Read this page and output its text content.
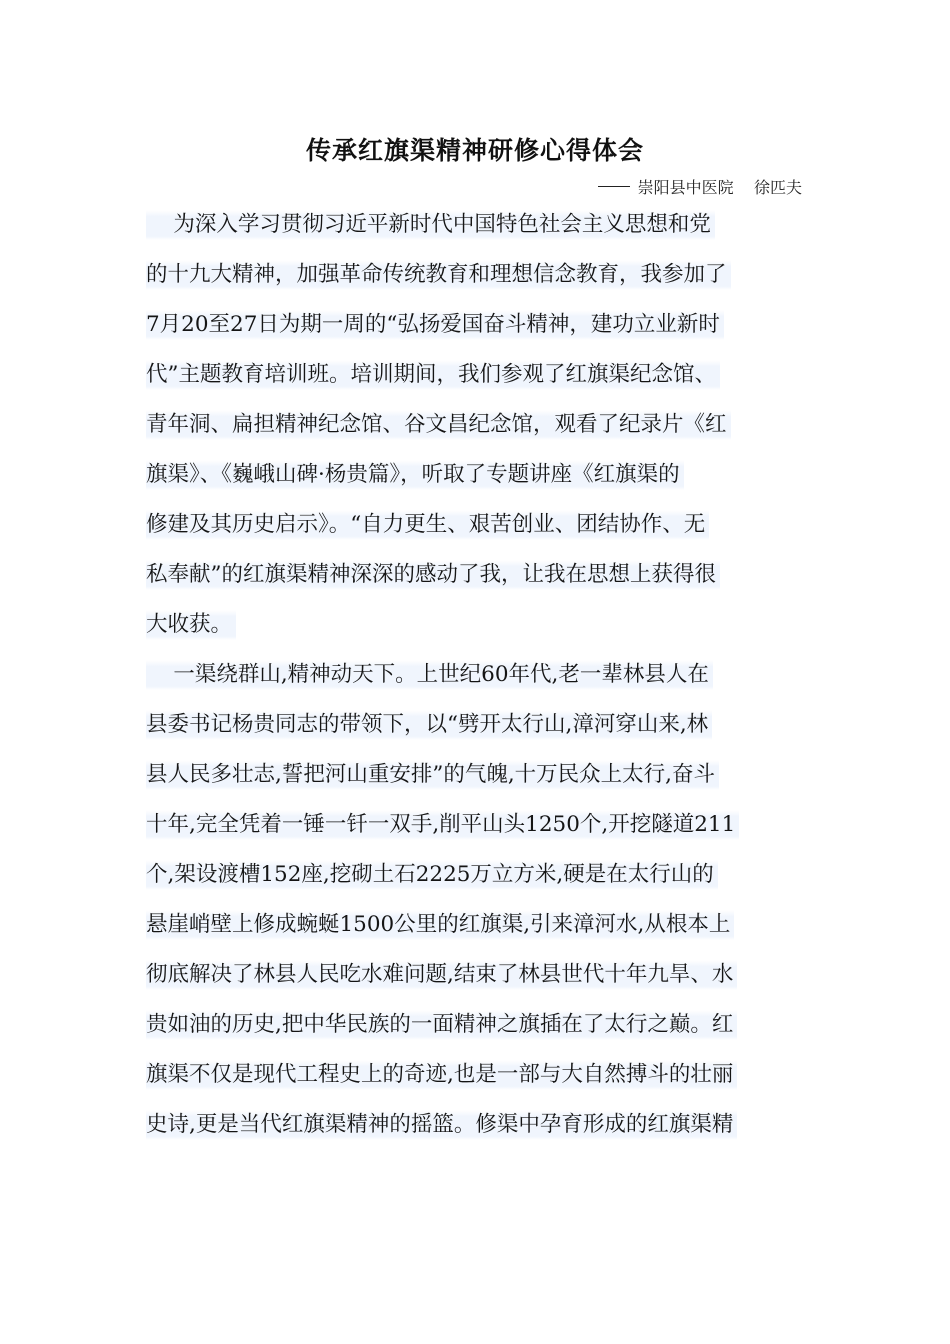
传承红旗渠精神研修心得体会
崇阳县中医院    徐匹夫
为深入学习贯彻习近平新时代中国特色社会主义思想和党
的十九大精神，加强革命传统教育和理想信念教育，我参加了
7月20至27日为期一周的“弘扬爱国奋斗精神，建功立业新时
代”主题教育培训班。培训期间，我们参观了红旗渠纪念馆、
青年洞、扁担精神纪念馆、谷文昌纪念馆，观看了纪录片《红
旗渠》、《巍峨山碑·杨贵篇》，听取了专题讲座《红旗渠的
修建及其历史启示》。“自力更生、艰苦创业、团结协作、无
私奉献”的红旗渠精神深深的感动了我，让我在思想上获得很
大收获。
一渠绕群山,精神动天下。上世纪60年代,老一辈林县人在
县委书记杨贵同志的带领下，以“劈开太行山,漳河穿山来,林
县人民多壮志,誓把河山重安排”的气魄,十万民众上太行,奋斗
十年,完全凭着一锤一钎一双手,削平山头1250个,开挖隧道211
个,架设渡槽152座,挖砌土石2225万立方米,硬是在太行山的
悬崖峭壁上修成蜿蜒1500公里的红旗渠,引来漳河水,从根本上
彻底解决了林县人民吃水难问题,结束了林县世代十年九旱、水
贵如油的历史,把中华民族的一面精神之旗插在了太行之巅。红
旗渠不仅是现代工程史上的奇迹,也是一部与大自然搏斗的壮丽
史诗,更是当代红旗渠精神的摇篮。修渠中孕育形成的红旗渠精
